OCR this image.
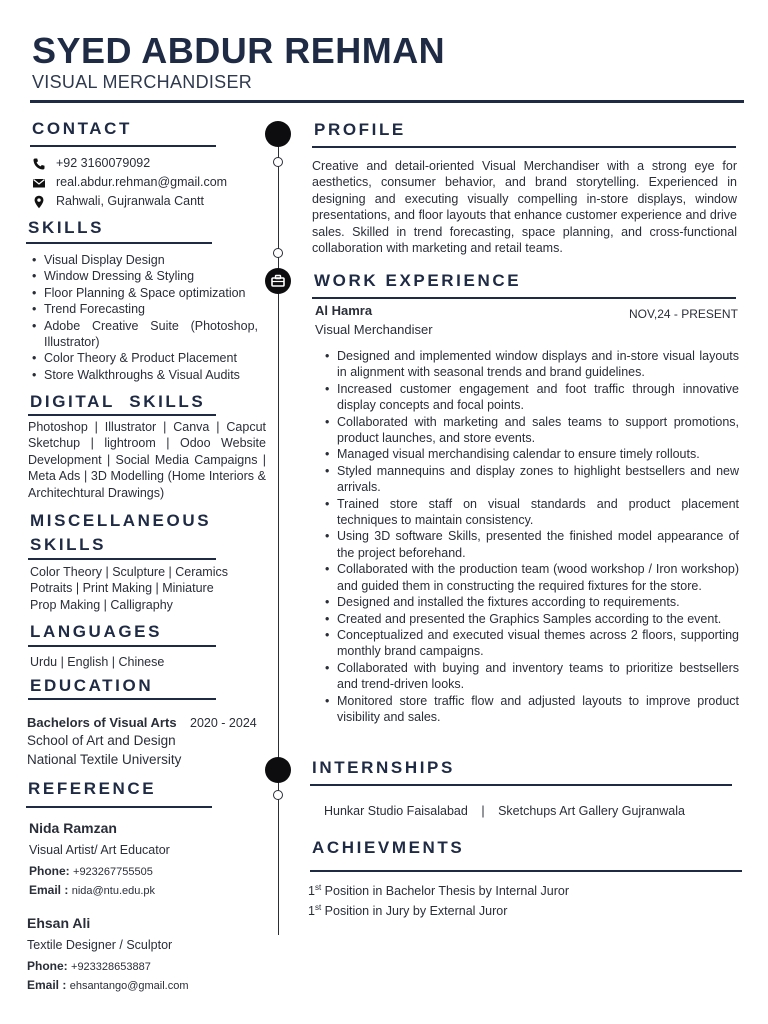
SYED ABDUR REHMAN
VISUAL MERCHANDISER
CONTACT
+92 3160079092
real.abdur.rehman@gmail.com
Rahwali, Gujranwala Cantt
SKILLS
• Visual Display Design
• Window Dressing & Styling
• Floor Planning & Space optimization
• Trend Forecasting
• Adobe Creative Suite (Photoshop, Illustrator)
• Color Theory & Product Placement
• Store Walkthroughs & Visual Audits
DIGITAL  SKILLS
Photoshop | Illustrator | Canva | Capcut Sketchup | lightroom | Odoo Website Development | Social Media Campaigns | Meta Ads | 3D Modelling (Home Interiors & Architechtural Drawings)
MISCELLANEOUS
SKILLS
Color Theory | Sculpture | Ceramics Potraits | Print Making | Miniature Prop Making | Calligraphy
LANGUAGES
Urdu | English | Chinese
EDUCATION
Bachelors of Visual Arts 2020 - 2024
School of Art and Design
National Textile University
REFERENCE
Nida Ramzan
Visual Artist/ Art Educator
Phone: +923267755505
Email : nida@ntu.edu.pk
Ehsan Ali
Textile Designer / Sculptor
Phone: +923328653887
Email : ehsantango@gmail.com
PROFILE
Creative and detail-oriented Visual Merchandiser with a strong eye for aesthetics, consumer behavior, and brand storytelling. Experienced in designing and executing visually compelling in-store displays, window presentations, and floor layouts that enhance customer experience and drive sales. Skilled in trend forecasting, space planning, and cross-functional collaboration with marketing and retail teams.
WORK EXPERIENCE
Al Hamra
Visual Merchandiser
NOV,24 - PRESENT
• Designed and implemented window displays and in-store visual layouts in alignment with seasonal trends and brand guidelines.
• Increased customer engagement and foot traffic through innovative display concepts and focal points.
• Collaborated with marketing and sales teams to support promotions, product launches, and store events.
• Managed visual merchandising calendar to ensure timely rollouts.
• Styled mannequins and display zones to highlight bestsellers and new arrivals.
• Trained store staff on visual standards and product placement techniques to maintain consistency.
• Using 3D software Skills, presented the finished model appearance of the project beforehand.
• Collaborated with the production team (wood workshop / Iron workshop) and guided them in constructing the required fixtures for the store.
• Designed and installed the fixtures according to requirements.
• Created and presented the Graphics Samples according to the event.
• Conceptualized and executed visual themes across 2 floors, supporting monthly brand campaigns.
• Collaborated with buying and inventory teams to prioritize bestsellers and trend-driven looks.
• Monitored store traffic flow and adjusted layouts to improve product visibility and sales.
INTERNSHIPS
Hunkar Studio Faisalabad | Sketchups Art Gallery Gujranwala
ACHIEVMENTS
1st Position in Bachelor Thesis by Internal Juror
1st Position in Jury by External Juror
